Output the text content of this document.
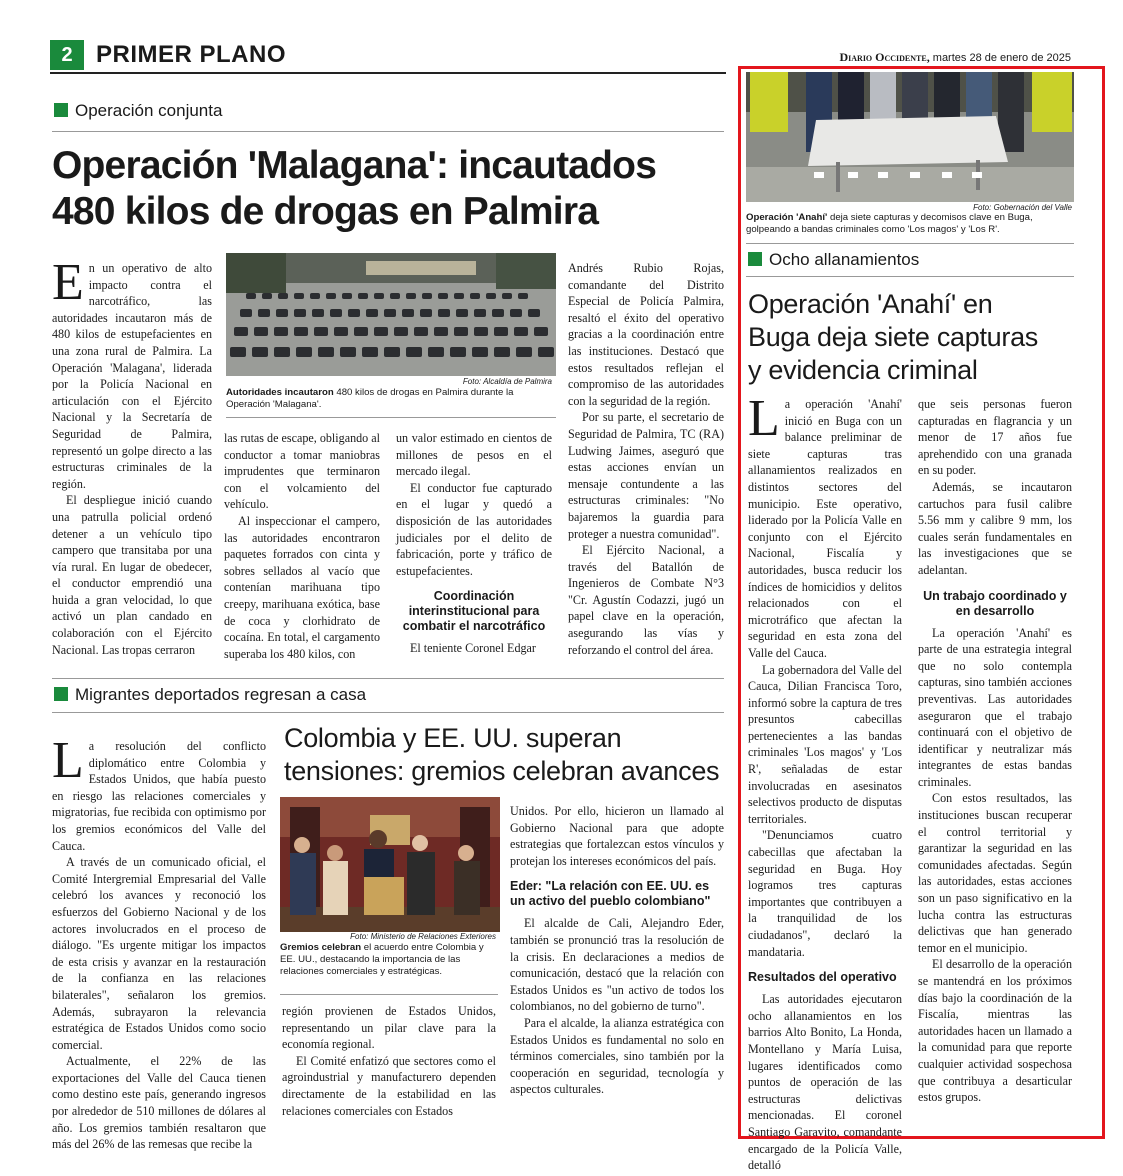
2 PRIMER PLANO	Diario Occidente, martes 28 de enero de 2025
Operación conjunta
Operación 'Malagana': incautados
480 kilos de drogas en Palmira
Foto: Alcaldía de Palmira
Autoridades incautaron 480 kilos de drogas en Palmira durante la Operación 'Malagana'.

En un operativo de alto impacto contra el narcotráfico, las autoridades incautaron más de 480 kilos de estupefacientes en una zona rural de Palmira. La Operación 'Malagana', liderada por la Policía Nacional en articulación con el Ejército Nacional y la Secretaría de Seguridad de Palmira, representó un golpe directo a las estructuras criminales de la región.

El despliegue inició cuando una patrulla policial ordenó detener a un vehículo tipo campero que transitaba por una vía rural. En lugar de obedecer, el conductor emprendió una huida a gran velocidad, lo que activó un plan candado en colaboración con el Ejército Nacional. Las tropas cerraron

las rutas de escape, obligando al conductor a tomar maniobras imprudentes que terminaron con el volcamiento del vehículo.

Al inspeccionar el campero, las autoridades encontraron paquetes forrados con cinta y sobres sellados al vacío que contenían marihuana tipo creepy, marihuana exótica, base de coca y clorhidrato de cocaína. En total, el cargamento superaba los 480 kilos, con

un valor estimado en cientos de millones de pesos en el mercado ilegal.

El conductor fue capturado en el lugar y quedó a disposición de las autoridades judiciales por el delito de fabricación, porte y tráfico de estupefacientes.

Coordinación interinstitucional para combatir el narcotráfico

El teniente Coronel Edgar

Andrés Rubio Rojas, comandante del Distrito Especial de Policía Palmira, resaltó el éxito del operativo gracias a la coordinación entre las instituciones. Destacó que estos resultados reflejan el compromiso de las autoridades con la seguridad de la región.

Por su parte, el secretario de Seguridad de Palmira, TC (RA) Ludwing Jaimes, aseguró que estas acciones envían un mensaje contundente a las estructuras criminales: "No bajaremos la guardia para proteger a nuestra comunidad".

El Ejército Nacional, a través del Batallón de Ingenieros de Combate N°3 "Cr. Agustín Codazzi, jugó un papel clave en la operación, asegurando las vías y reforzando el control del área.

Migrantes deportados regresan a casa
Colombia y EE. UU. superan
tensiones: gremios celebran avances
Foto: Ministerio de Relaciones Exteriores
Gremios celebran el acuerdo entre Colombia y EE. UU., destacando la importancia de las relaciones comerciales y estratégicas.

La resolución del conflicto diplomático entre Colombia y Estados Unidos, que había puesto en riesgo las relaciones comerciales y migratorias, fue recibida con optimismo por los gremios económicos del Valle del Cauca.

A través de un comunicado oficial, el Comité Intergremial Empresarial del Valle celebró los avances y reconoció los esfuerzos del Gobierno Nacional y de los actores involucrados en el proceso de diálogo. "Es urgente mitigar los impactos de esta crisis y avanzar en la restauración de la confianza en las relaciones bilaterales", señalaron los gremios. Además, subrayaron la relevancia estratégica de Estados Unidos como socio comercial.

Actualmente, el 22% de las exportaciones del Valle del Cauca tienen como destino este país, generando ingresos por alrededor de 510 millones de dólares al año. Los gremios también resaltaron que más del 26% de las remesas que recibe la

región provienen de Estados Unidos, representando un pilar clave para la economía regional.

El Comité enfatizó que sectores como el agroindustrial y manufacturero dependen directamente de la estabilidad en las relaciones comerciales con Estados

Unidos. Por ello, hicieron un llamado al Gobierno Nacional para que adopte estrategias que fortalezcan estos vínculos y protejan los intereses económicos del país.

Eder: "La relación con EE. UU. es un activo del pueblo colombiano"

El alcalde de Cali, Alejandro Eder, también se pronunció tras la resolución de la crisis. En declaraciones a medios de comunicación, destacó que la relación con Estados Unidos es "un activo de todos los colombianos, no del gobierno de turno".

Para el alcalde, la alianza estratégica con Estados Unidos es fundamental no solo en términos comerciales, sino también por la cooperación en seguridad, tecnología y aspectos culturales.

Foto: Gobernación del Valle
Operación 'Anahí' deja siete capturas y decomisos clave en Buga, golpeando a bandas criminales como 'Los magos' y 'Los R'.
Ocho allanamientos
Operación 'Anahí' en
Buga deja siete capturas
y evidencia criminal

La operación 'Anahí' inició en Buga con un balance preliminar de siete capturas tras allanamientos realizados en distintos sectores del municipio. Este operativo, liderado por la Policía Valle en conjunto con el Ejército Nacional, Fiscalía y autoridades, busca reducir los índices de homicidios y delitos relacionados con el microtráfico que afectan la seguridad en esta zona del Valle del Cauca.

La gobernadora del Valle del Cauca, Dilian Francisca Toro, informó sobre la captura de tres presuntos cabecillas pertenecientes a las bandas criminales 'Los magos' y 'Los R', señaladas de estar involucradas en asesinatos selectivos producto de disputas territoriales.

"Denunciamos cuatro cabecillas que afectaban la seguridad en Buga. Hoy logramos tres capturas importantes que contribuyen a la tranquilidad de los ciudadanos", declaró la mandataria.

Resultados del operativo

Las autoridades ejecutaron ocho allanamientos en los barrios Alto Bonito, La Honda, Montellano y María Luisa, lugares identificados como puntos de operación de las estructuras delictivas mencionadas. El coronel Santiago Garavito, comandante encargado de la Policía Valle, detalló

que seis personas fueron capturadas en flagrancia y un menor de 17 años fue aprehendido con una granada en su poder.

Además, se incautaron cartuchos para fusil calibre 5.56 mm y calibre 9 mm, los cuales serán fundamentales en las investigaciones que se adelantan.

Un trabajo coordinado y en desarrollo

La operación 'Anahí' es parte de una estrategia integral que no solo contempla capturas, sino también acciones preventivas. Las autoridades aseguraron que el trabajo continuará con el objetivo de identificar y neutralizar más integrantes de estas bandas criminales.

Con estos resultados, las instituciones buscan recuperar el control territorial y garantizar la seguridad en las comunidades afectadas. Según las autoridades, estas acciones son un paso significativo en la lucha contra las estructuras delictivas que han generado temor en el municipio.

El desarrollo de la operación se mantendrá en los próximos días bajo la coordinación de la Fiscalía, mientras las autoridades hacen un llamado a la comunidad para que reporte cualquier actividad sospechosa que contribuya a desarticular estos grupos.
